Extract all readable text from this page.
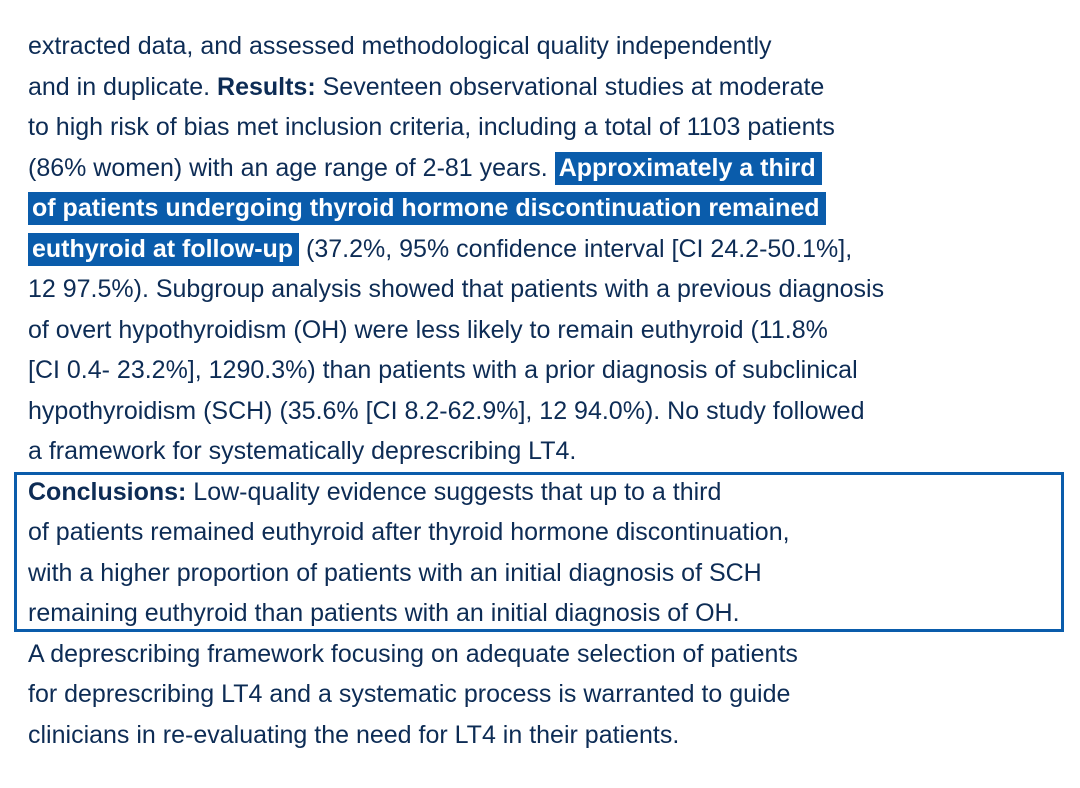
extracted data, and assessed methodological quality independently
and in duplicate. Results: Seventeen observational studies at moderate
to high risk of bias met inclusion criteria, including a total of 1103 patients
(86% women) with an age range of 2-81 years. Approximately a third
of patients undergoing thyroid hormone discontinuation remained
euthyroid at follow-up (37.2%, 95% confidence interval [CI 24.2-50.1%],
12 97.5%). Subgroup analysis showed that patients with a previous diagnosis
of overt hypothyroidism (OH) were less likely to remain euthyroid (11.8%
[CI 0.4- 23.2%], 1290.3%) than patients with a prior diagnosis of subclinical
hypothyroidism (SCH) (35.6% [CI 8.2-62.9%], 12 94.0%). No study followed
a framework for systematically deprescribing LT4.
Conclusions: Low-quality evidence suggests that up to a third
of patients remained euthyroid after thyroid hormone discontinuation,
with a higher proportion of patients with an initial diagnosis of SCH
remaining euthyroid than patients with an initial diagnosis of OH.
A deprescribing framework focusing on adequate selection of patients
for deprescribing LT4 and a systematic process is warranted to guide
clinicians in re-evaluating the need for LT4 in their patients.
